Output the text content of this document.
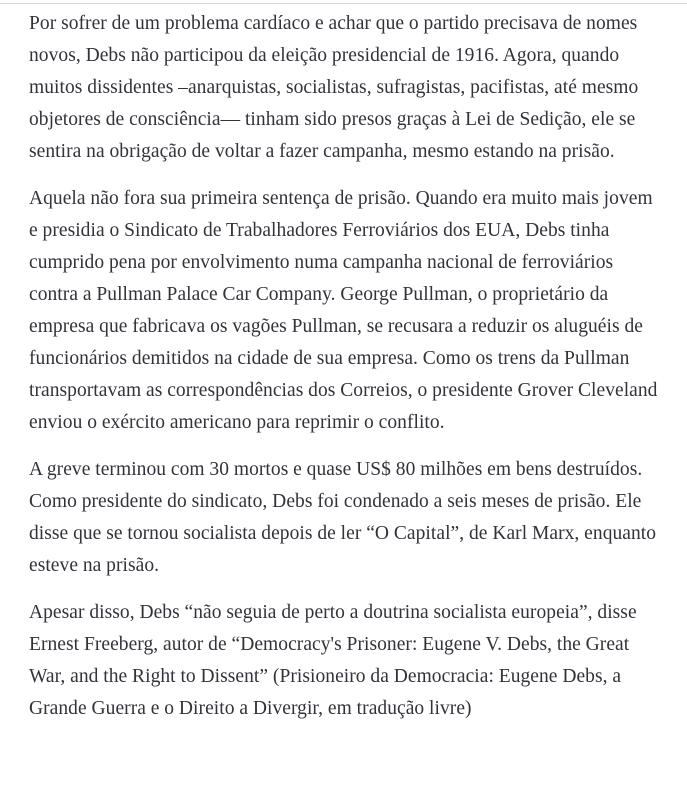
Por sofrer de um problema cardíaco e achar que o partido precisava de nomes novos, Debs não participou da eleição presidencial de 1916. Agora, quando muitos dissidentes –anarquistas, socialistas, sufragistas, pacifistas, até mesmo objetores de consciência— tinham sido presos graças à Lei de Sedição, ele se sentira na obrigação de voltar a fazer campanha, mesmo estando na prisão.

Aquela não fora sua primeira sentença de prisão. Quando era muito mais jovem e presidia o Sindicato de Trabalhadores Ferroviários dos EUA, Debs tinha cumprido pena por envolvimento numa campanha nacional de ferroviários contra a Pullman Palace Car Company. George Pullman, o proprietário da empresa que fabricava os vagões Pullman, se recusara a reduzir os aluguéis de funcionários demitidos na cidade de sua empresa. Como os trens da Pullman transportavam as correspondências dos Correios, o presidente Grover Cleveland enviou o exército americano para reprimir o conflito.

A greve terminou com 30 mortos e quase US$ 80 milhões em bens destruídos. Como presidente do sindicato, Debs foi condenado a seis meses de prisão. Ele disse que se tornou socialista depois de ler “O Capital”, de Karl Marx, enquanto esteve na prisão.

Apesar disso, Debs “não seguia de perto a doutrina socialista europeia”, disse Ernest Freeberg, autor de “Democracy's Prisoner: Eugene V. Debs, the Great War, and the Right to Dissent” (Prisioneiro da Democracia: Eugene Debs, a Grande Guerra e o Direito a Divergir, em tradução livre)
